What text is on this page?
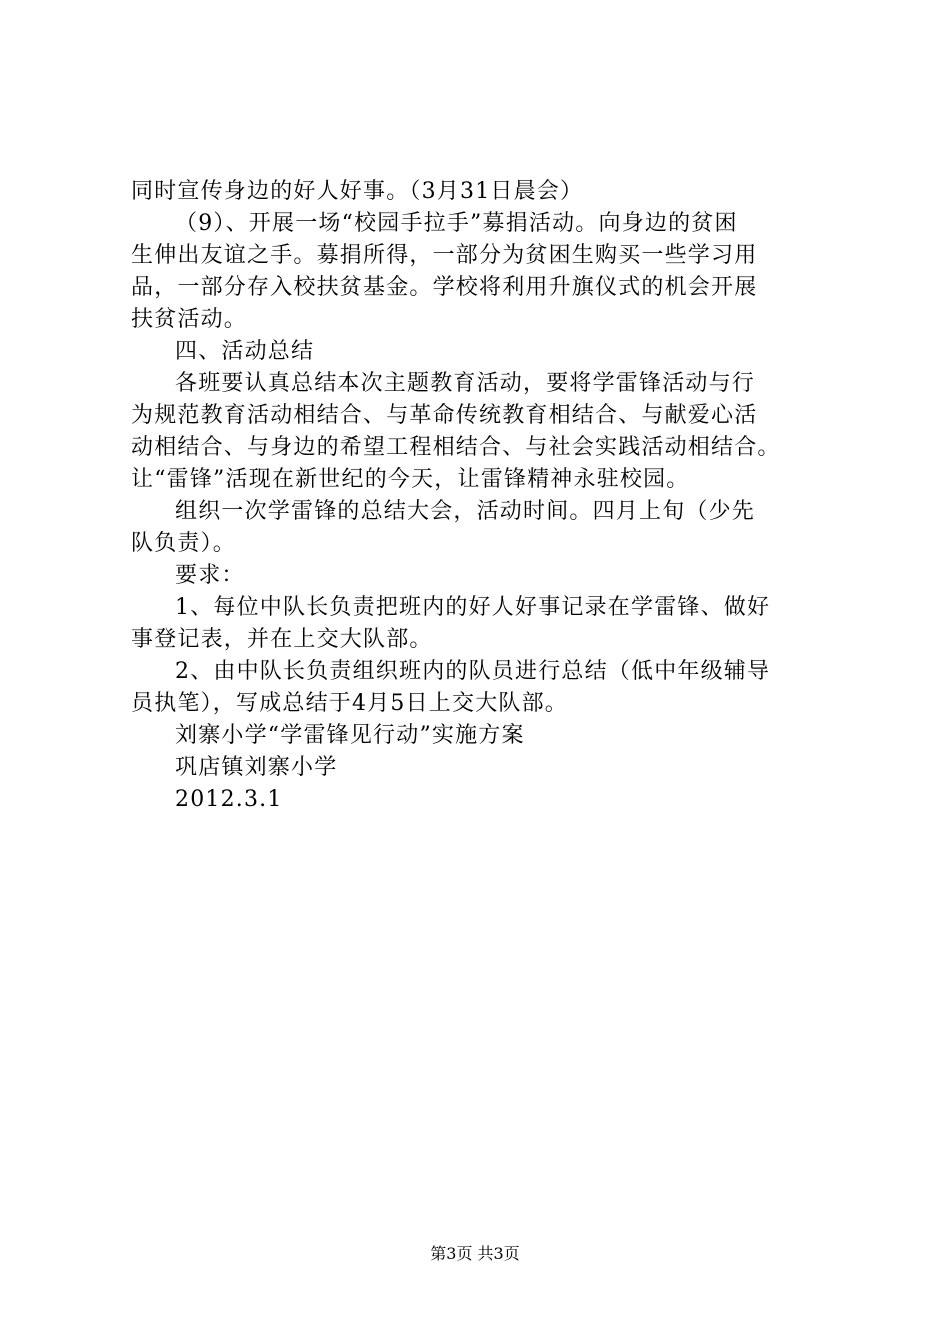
同时宣传身边的好人好事。（3月31日晨会）
（9）、开展一场“校园手拉手”募捐活动。向身边的贫困
生伸出友谊之手。募捐所得，一部分为贫困生购买一些学习用
品，一部分存入校扶贫基金。学校将利用升旗仪式的机会开展
扶贫活动。
四、活动总结
各班要认真总结本次主题教育活动，要将学雷锋活动与行
为规范教育活动相结合、与革命传统教育相结合、与献爱心活
动相结合、与身边的希望工程相结合、与社会实践活动相结合。
让“雷锋”活现在新世纪的今天，让雷锋精神永驻校园。
组织一次学雷锋的总结大会，活动时间。四月上旬（少先
队负责）。
要求：
1、每位中队长负责把班内的好人好事记录在学雷锋、做好
事登记表，并在上交大队部。
2、由中队长负责组织班内的队员进行总结（低中年级辅导
员执笔），写成总结于4月5日上交大队部。
刘寨小学“学雷锋见行动”实施方案
巩店镇刘寨小学
2012.3.1
第3页 共3页
